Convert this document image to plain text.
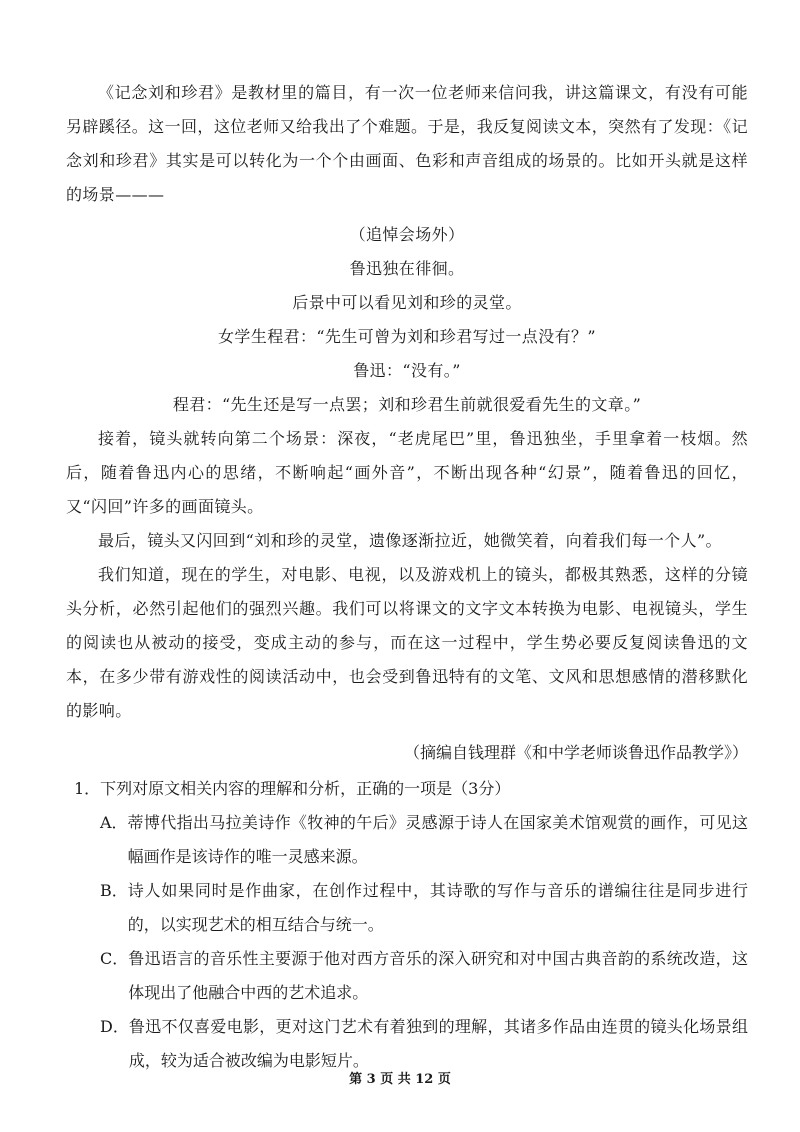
《记念刘和珍君》是教材里的篇目，有一次一位老师来信问我，讲这篇课文，有没有可能另辟蹊径。这一回，这位老师又给我出了个难题。于是，我反复阅读文本，突然有了发现：《记念刘和珍君》其实是可以转化为一个个由画面、色彩和声音组成的场景的。比如开头就是这样的场景———

（追悼会场外）

鲁迅独在徘徊。

后景中可以看见刘和珍的灵堂。

女学生程君：“先生可曾为刘和珍君写过一点没有？”

鲁迅：“没有。”

程君：“先生还是写一点罢；刘和珍君生前就很爱看先生的文章。”

接着，镜头就转向第二个场景：深夜，“老虎尾巴”里，鲁迅独坐，手里拿着一枝烟。然后，随着鲁迅内心的思绪，不断响起“画外音”，不断出现各种“幻景”，随着鲁迅的回忆，又“闪回”许多的画面镜头。

最后，镜头又闪回到“刘和珍的灵堂，遗像逐渐拉近，她微笑着，向着我们每一个人”。

我们知道，现在的学生，对电影、电视，以及游戏机上的镜头，都极其熟悉，这样的分镜头分析，必然引起他们的强烈兴趣。我们可以将课文的文字文本转换为电影、电视镜头，学生的阅读也从被动的接受，变成主动的参与，而在这一过程中，学生势必要反复阅读鲁迅的文本，在多少带有游戏性的阅读活动中，也会受到鲁迅特有的文笔、文风和思想感情的潜移默化的影响。

（摘编自钱理群《和中学老师谈鲁迅作品教学》）

1．下列对原文相关内容的理解和分析，正确的一项是（3分）

A． 蒂博代指出马拉美诗作《牧神的午后》灵感源于诗人在国家美术馆观赏的画作，可见这幅画作是该诗作的唯一灵感来源。
B． 诗人如果同时是作曲家，在创作过程中，其诗歌的写作与音乐的谱编往往是同步进行的，以实现艺术的相互结合与统一。
C． 鲁迅语言的音乐性主要源于他对西方音乐的深入研究和对中国古典音韵的系统改造，这体现出了他融合中西的艺术追求。
D． 鲁迅不仅喜爱电影，更对这门艺术有着独到的理解，其诸多作品由连贯的镜头化场景组成，较为适合被改编为电影短片。
第 3 页 共 12 页
